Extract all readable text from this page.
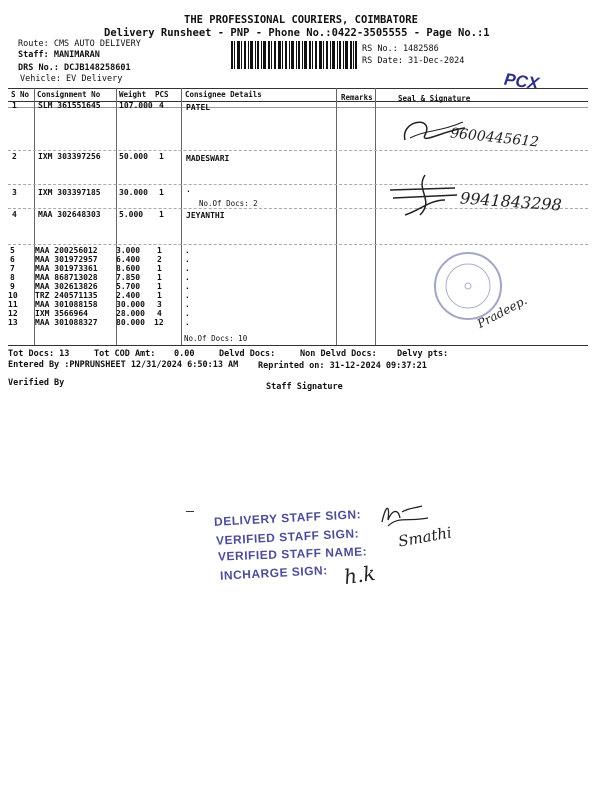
THE PROFESSIONAL COURIERS, COIMBATORE
Delivery Runsheet - PNP - Phone No.:0422-3505555 - Page No.:1
Route: CMS AUTO DELIVERY
Staff: MANIMARAN
DRS No.: DCJB148258601
Vehicle: EV Delivery
RS No.: 1482586
RS Date: 31-Dec-2024
PCX
S No Consignment No	Weight PCS Consignee Details	Remarks	Seal & Signature
1	SLM 361551645 107.000 4	PATEL
2	IXM 303397256 50.000 1	MADESWARI
3	IXM 303397185 30.000 1	.
No.Of Docs: 2
4	MAA 302648303 5.000 1	JEYANTHI
5	MAA 200256012 3.000 1	.
6	MAA 301972957 6.400 2	.
7	MAA 301973361 8.600 1	.
8	MAA 868713028 7.850 1	.
9	MAA 302613826 5.700 1	.
10 TRZ 240571135 2.400 1	.
11 MAA 301088158 30.000 3	.
12 IXM 3566964	28.000 4	.
13 MAA 301088327 80.000 12	.
No.Of Docs: 10
Tot Docs: 13	Tot COD Amt: 0.00	Delvd Docs:	Non Delvd Docs: Delvy pts:
Entered By :PNPRUNSHEET 12/31/2024 6:50:13 AM Reprinted on: 31-12-2024 09:37:21
Verified By	Staff Signature
9600445612
9941843298
Pradeep.
DELIVERY STAFF SIGN:
VERIFIED STAFF SIGN:
VERIFIED STAFF NAME:
INCHARGE SIGN:
Smathi
h.k
